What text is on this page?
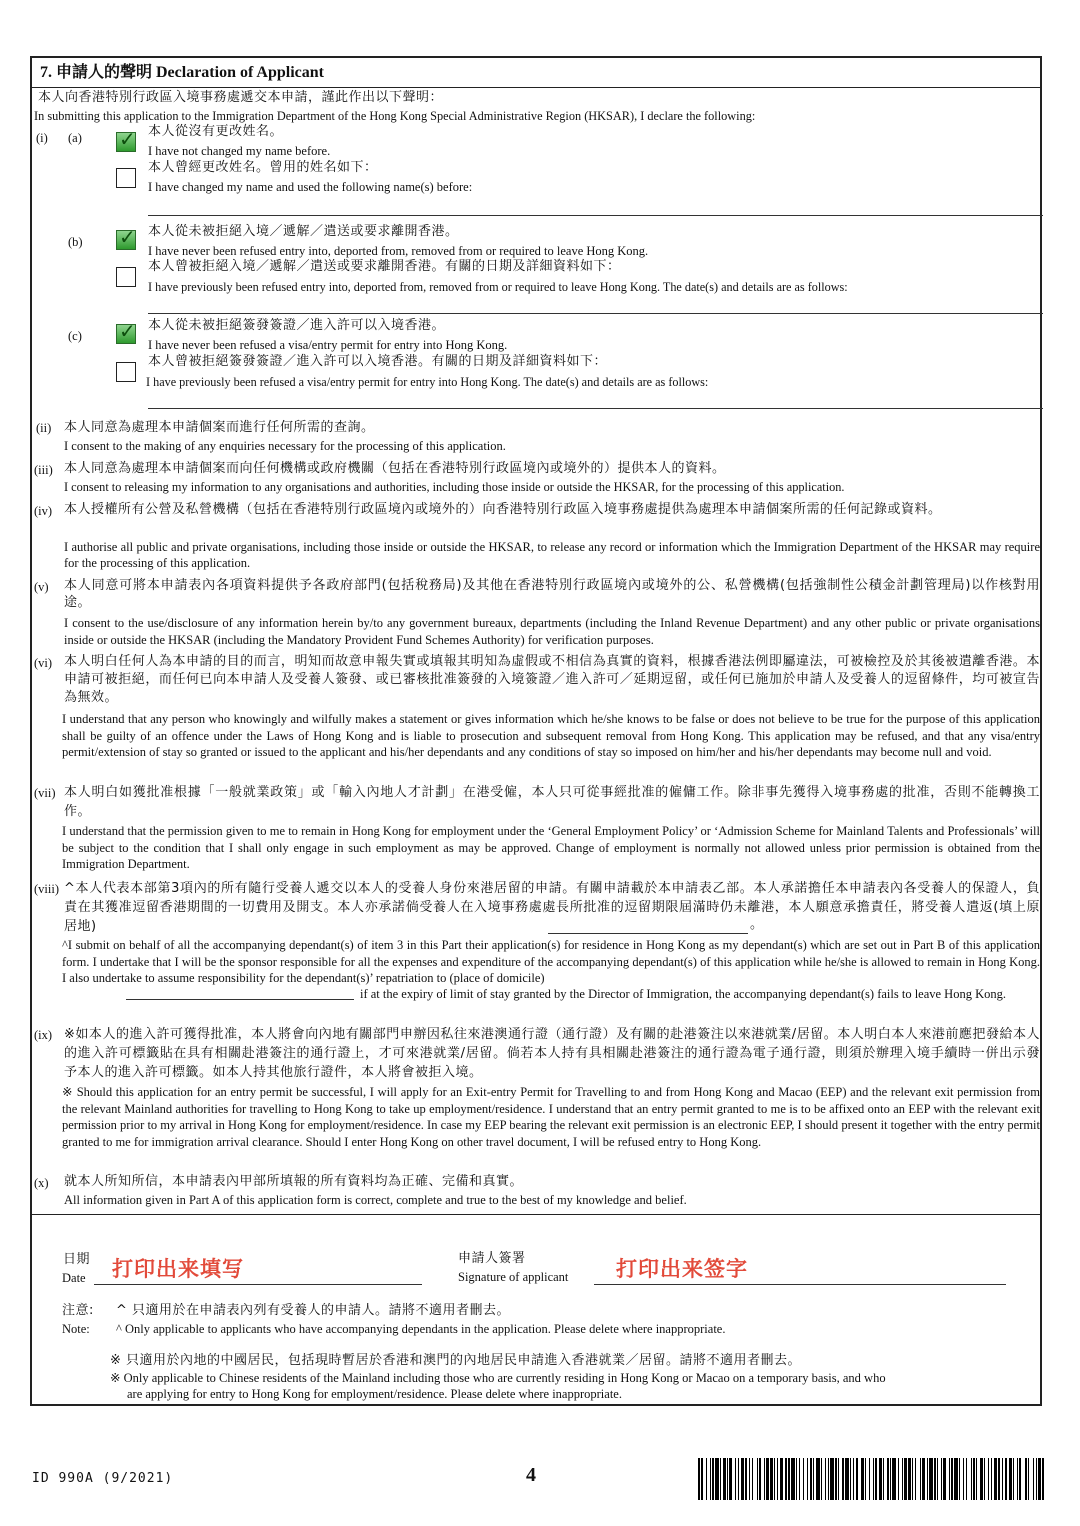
7. 申請人的聲明 Declaration of Applicant
本人向香港特別行政區入境事務處遞交本申請，謹此作出以下聲明：
In submitting this application to the Immigration Department of the Hong Kong Special Administrative Region (HKSAR), I declare the following:
(i) (a) ✓ 本人從沒有更改姓名。
I have not changed my name before.
本人曾經更改姓名。曾用的姓名如下：
I have changed my name and used the following name(s) before:
(b) ✓ 本人從未被拒絕入境／遞解／遣送或要求離開香港。
I have never been refused entry into, deported from, removed from or required to leave Hong Kong.
本人曾被拒絕入境／遞解／遣送或要求離開香港。有關的日期及詳細資料如下：
I have previously been refused entry into, deported from, removed from or required to leave Hong Kong. The date(s) and details are as follows:
(c) ✓ 本人從未被拒絕簽發簽證／進入許可以入境香港。
I have never been refused a visa/entry permit for entry into Hong Kong.
本人曾被拒絕簽發簽證／進入許可以入境香港。有關的日期及詳細資料如下：
I have previously been refused a visa/entry permit for entry into Hong Kong. The date(s) and details are as follows:
(ii) 本人同意為處理本申請個案而進行任何所需的查詢。
I consent to the making of any enquiries necessary for the processing of this application.
(iii) 本人同意為處理本申請個案而向任何機構或政府機關（包括在香港特別行政區境內或境外的）提供本人的資料。
I consent to releasing my information to any organisations and authorities, including those inside or outside the HKSAR, for the processing of this application.
(iv) 本人授權所有公營及私營機構（包括在香港特別行政區境內或境外的）向香港特別行政區入境事務處提供為處理本申請個案所需的任何記錄或資料。
I authorise all public and private organisations, including those inside or outside the HKSAR, to release any record or information which the Immigration Department of the HKSAR may require for the processing of this application.
(v) 本人同意可將本申請表內各項資料提供予各政府部門(包括稅務局)及其他在香港特別行政區境內或境外的公、私營機構(包括強制性公積金計劃管理局)以作核對用途。
I consent to the use/disclosure of any information herein by/to any government bureaux, departments (including the Inland Revenue Department) and any other public or private organisations inside or outside the HKSAR (including the Mandatory Provident Fund Schemes Authority) for verification purposes.
(vi) 本人明白任何人為本申請的目的而言，明知而故意申報失實或填報其明知為虛假或不相信為真實的資料，根據香港法例即屬違法，可被檢控及於其後被遣離香港。本申請可被拒絕，而任何已向本申請人及受養人簽發、或已審核批准簽發的入境簽證／進入許可／延期逗留，或任何已施加於申請人及受養人的逗留條件，均可被宣告為無效。
I understand that any person who knowingly and wilfully makes a statement or gives information which he/she knows to be false or does not believe to be true for the purpose of this application shall be guilty of an offence under the Laws of Hong Kong and is liable to prosecution and subsequent removal from Hong Kong. This application may be refused, and that any visa/entry permit/extension of stay so granted or issued to the applicant and his/her dependants and any conditions of stay so imposed on him/her and his/her dependants may become null and void.
(vii) 本人明白如獲批准根據「一般就業政策」或「輸入內地人才計劃」在港受僱，本人只可從事經批准的僱傭工作。除非事先獲得入境事務處的批准，否則不能轉換工作。
I understand that the permission given to me to remain in Hong Kong for employment under the ‘General Employment Policy’ or ‘Admission Scheme for Mainland Talents and Professionals’ will be subject to the condition that I shall only engage in such employment as may be approved. Change of employment is normally not allowed unless prior permission is obtained from the Immigration Department.
(viii) ^本人代表本部第3項內的所有隨行受養人遞交以本人的受養人身份來港居留的申請。有關申請載於本申請表乙部。本人承諾擔任本申請表內各受養人的保證人，負責在其獲准逗留香港期間的一切費用及開支。本人亦承諾倘受養人在入境事務處處長所批准的逗留期限屆滿時仍未離港，本人願意承擔責任，將受養人遣返(填上原居地)	。
^I submit on behalf of all the accompanying dependant(s) of item 3 in this Part their application(s) for residence in Hong Kong as my dependant(s) which are set out in Part B of this application form. I undertake that I will be the sponsor responsible for all the expenses and expenditure of the accompanying dependant(s) of this application while he/she is allowed to remain in Hong Kong. I also undertake to assume responsibility for the dependant(s)’ repatriation to (place of domicile)
if at the expiry of limit of stay granted by the Director of Immigration, the accompanying dependant(s) fails to leave Hong Kong.
(ix) ※如本人的進入許可獲得批准，本人將會向內地有關部門申辦因私往來港澳通行證（通行證）及有關的赴港簽注以來港就業/居留。本人明白本人來港前應把發給本人的進入許可標籤貼在具有相關赴港簽注的通行證上，才可來港就業/居留。倘若本人持有具相關赴港簽注的通行證為電子通行證，則須於辦理入境手續時一併出示發予本人的進入許可標籤。如本人持其他旅行證件，本人將會被拒入境。
※ Should this application for an entry permit be successful, I will apply for an Exit-entry Permit for Travelling to and from Hong Kong and Macao (EEP) and the relevant exit permission from the relevant Mainland authorities for travelling to Hong Kong to take up employment/residence. I understand that an entry permit granted to me is to be affixed onto an EEP with the relevant exit permission prior to my arrival in Hong Kong for employment/residence. In case my EEP bearing the relevant exit permission is an electronic EEP, I should present it together with the entry permit granted to me for immigration arrival clearance. Should I enter Hong Kong on other travel document, I will be refused entry to Hong Kong.
(x) 就本人所知所信，本申請表內甲部所填報的所有資料均為正確、完備和真實。
All information given in Part A of this application form is correct, complete and true to the best of my knowledge and belief.
日期
Date 打印出来填写	申請人簽署
Signature of applicant 打印出来签字
注意:
Note:
^ 只適用於在申請表內列有受養人的申請人。請將不適用者刪去。
^ Only applicable to applicants who have accompanying dependants in the application. Please delete where inappropriate.
※ 只適用於內地的中國居民，包括現時暫居於香港和澳門的內地居民申請進入香港就業／居留。請將不適用者刪去。
※ Only applicable to Chinese residents of the Mainland including those who are currently residing in Hong Kong or Macao on a temporary basis, and who
are applying for entry to Hong Kong for employment/residence. Please delete where inappropriate.
ID 990A (9/2021)	4
